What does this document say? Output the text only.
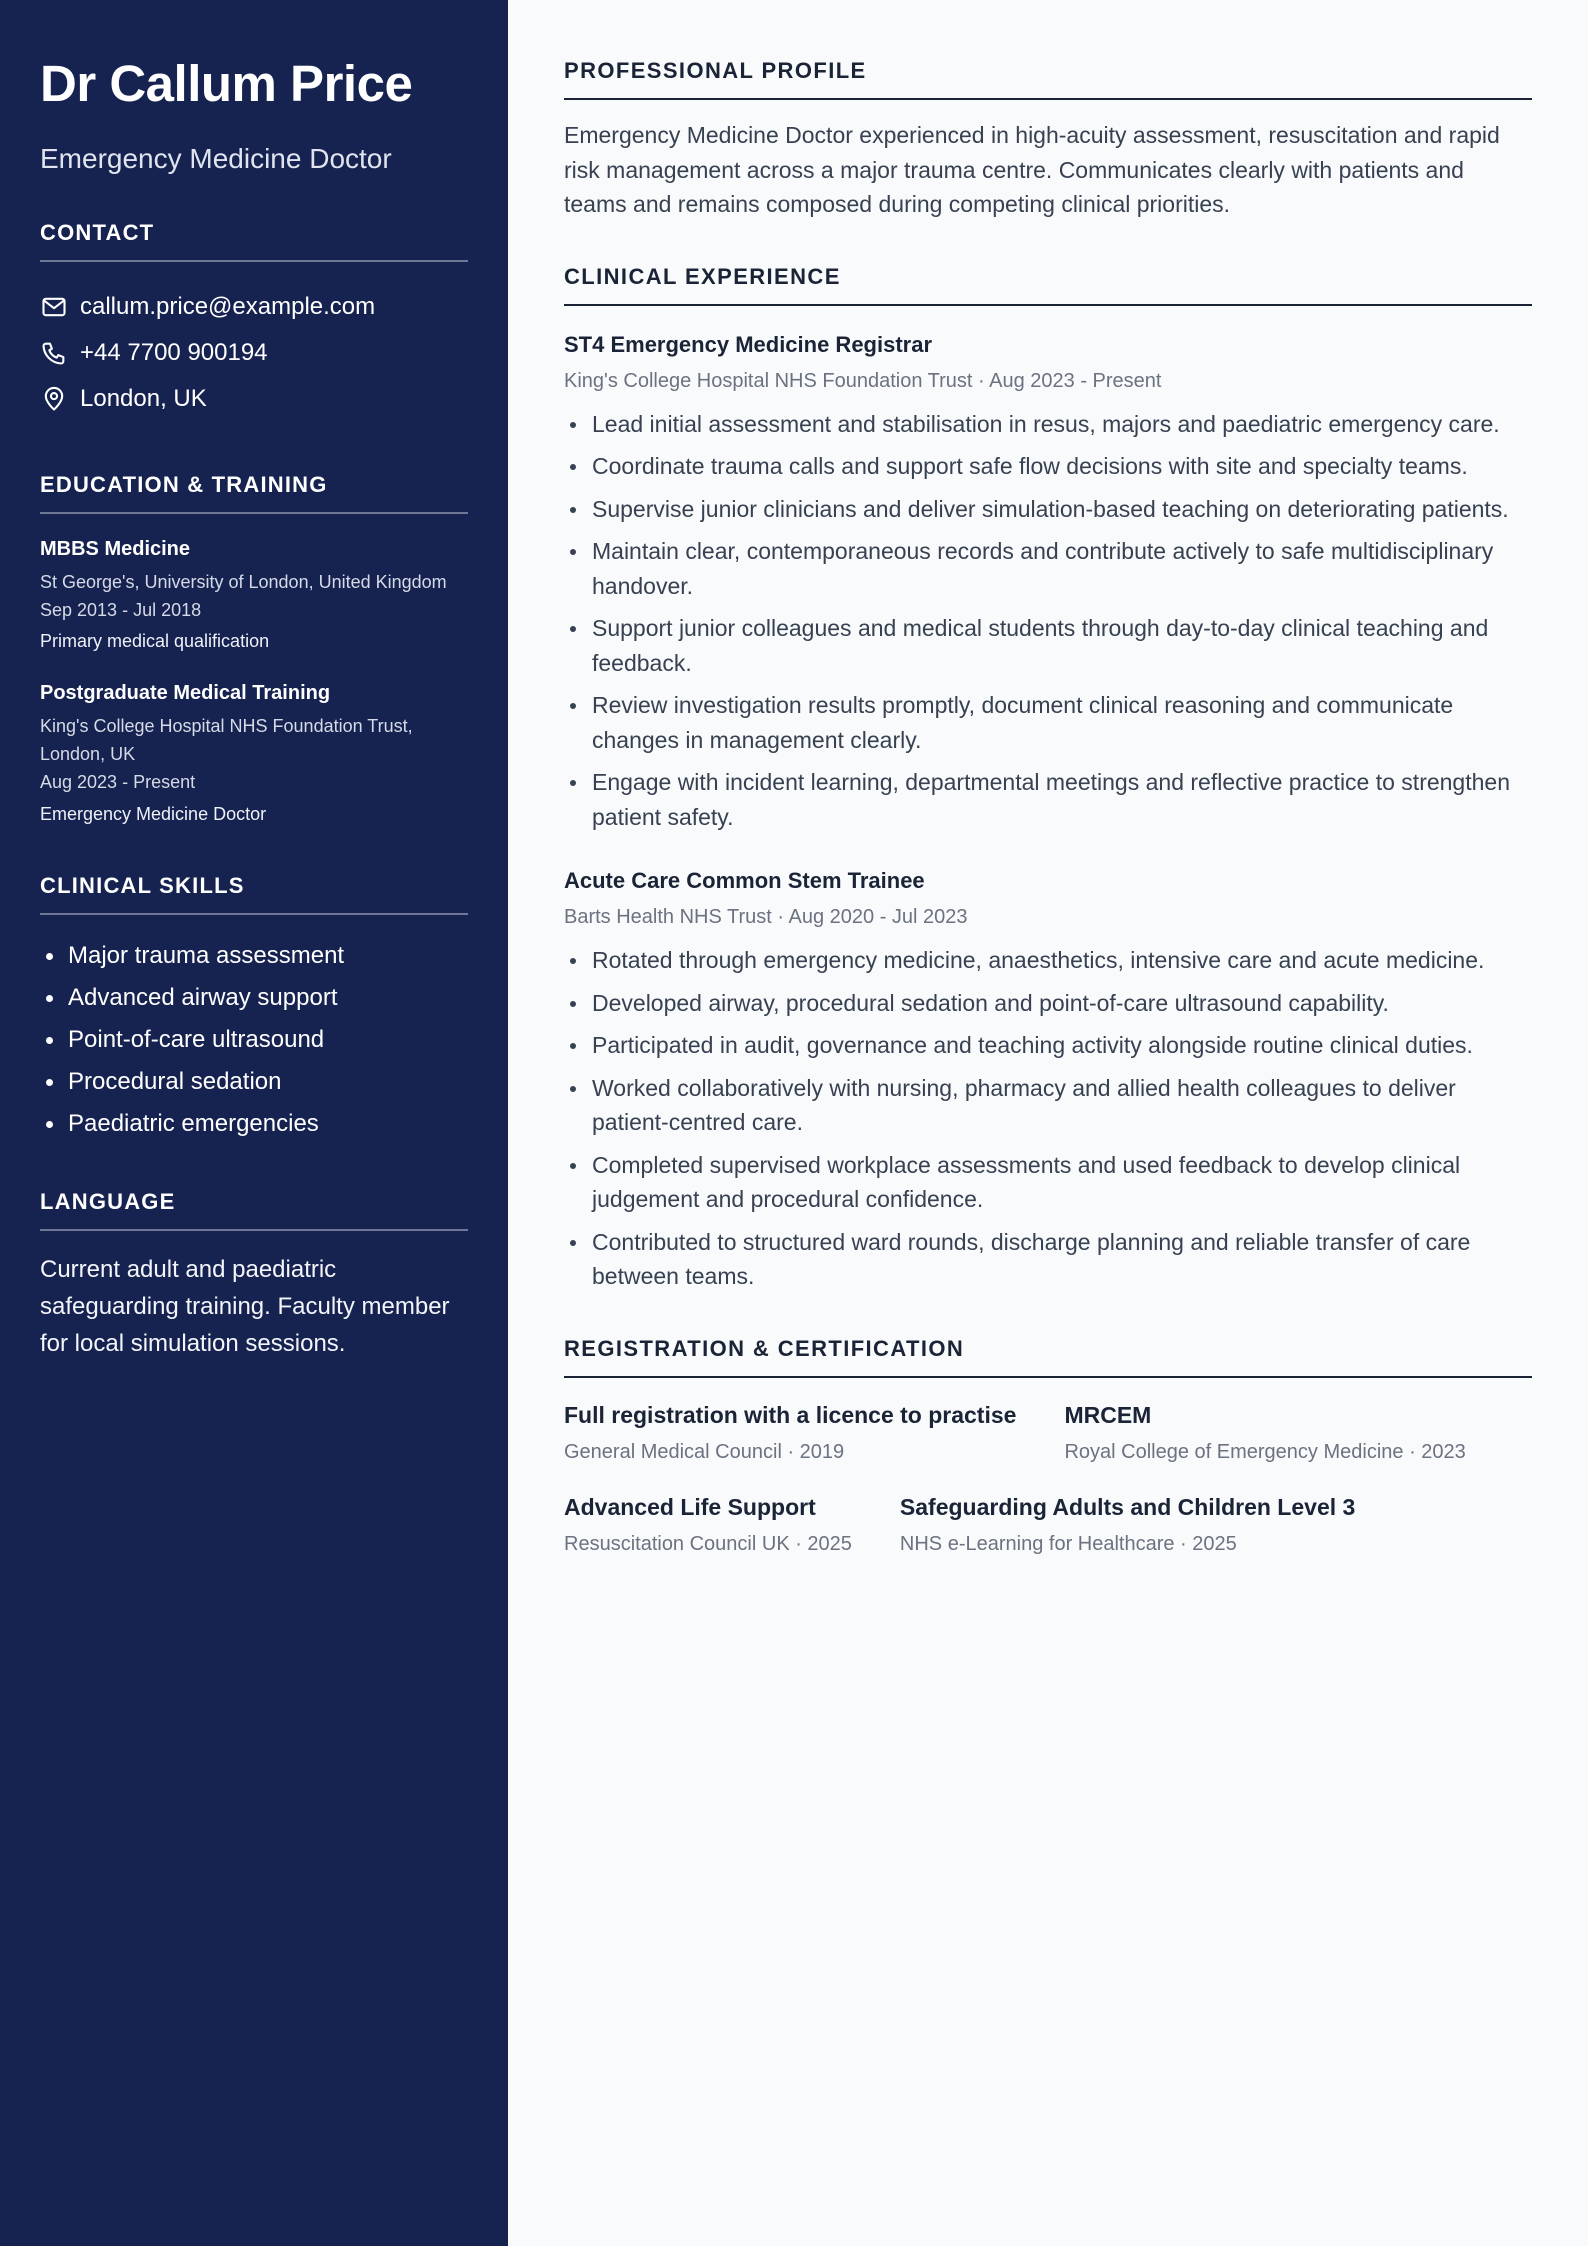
Dr Callum Price
Emergency Medicine Doctor
CONTACT
callum.price@example.com
+44 7700 900194
London, UK
EDUCATION & TRAINING
MBBS Medicine
St George's, University of London, United Kingdom
Sep 2013 - Jul 2018
Primary medical qualification
Postgraduate Medical Training
King's College Hospital NHS Foundation Trust, London, UK
Aug 2023 - Present
Emergency Medicine Doctor
CLINICAL SKILLS
Major trauma assessment
Advanced airway support
Point-of-care ultrasound
Procedural sedation
Paediatric emergencies
LANGUAGE

Current adult and paediatric safeguarding training. Faculty member for local simulation sessions.

PROFESSIONAL PROFILE

Emergency Medicine Doctor experienced in high-acuity assessment, resuscitation and rapid risk management across a major trauma centre. Communicates clearly with patients and teams and remains composed during competing clinical priorities.

CLINICAL EXPERIENCE
ST4 Emergency Medicine Registrar
King's College Hospital NHS Foundation Trust · Aug 2023 - Present
Lead initial assessment and stabilisation in resus, majors and paediatric emergency care.
Coordinate trauma calls and support safe flow decisions with site and specialty teams.
Supervise junior clinicians and deliver simulation-based teaching on deteriorating patients.
Maintain clear, contemporaneous records and contribute actively to safe multidisciplinary handover.
Support junior colleagues and medical students through day-to-day clinical teaching and feedback.
Review investigation results promptly, document clinical reasoning and communicate changes in management clearly.
Engage with incident learning, departmental meetings and reflective practice to strengthen patient safety.
Acute Care Common Stem Trainee
Barts Health NHS Trust · Aug 2020 - Jul 2023
Rotated through emergency medicine, anaesthetics, intensive care and acute medicine.
Developed airway, procedural sedation and point-of-care ultrasound capability.
Participated in audit, governance and teaching activity alongside routine clinical duties.
Worked collaboratively with nursing, pharmacy and allied health colleagues to deliver patient-centred care.
Completed supervised workplace assessments and used feedback to develop clinical judgement and procedural confidence.
Contributed to structured ward rounds, discharge planning and reliable transfer of care between teams.
REGISTRATION & CERTIFICATION
Full registration with a licence to practise
General Medical Council · 2019
MRCEM
Royal College of Emergency Medicine · 2023
Advanced Life Support
Resuscitation Council UK · 2025
Safeguarding Adults and Children Level 3
NHS e-Learning for Healthcare · 2025
